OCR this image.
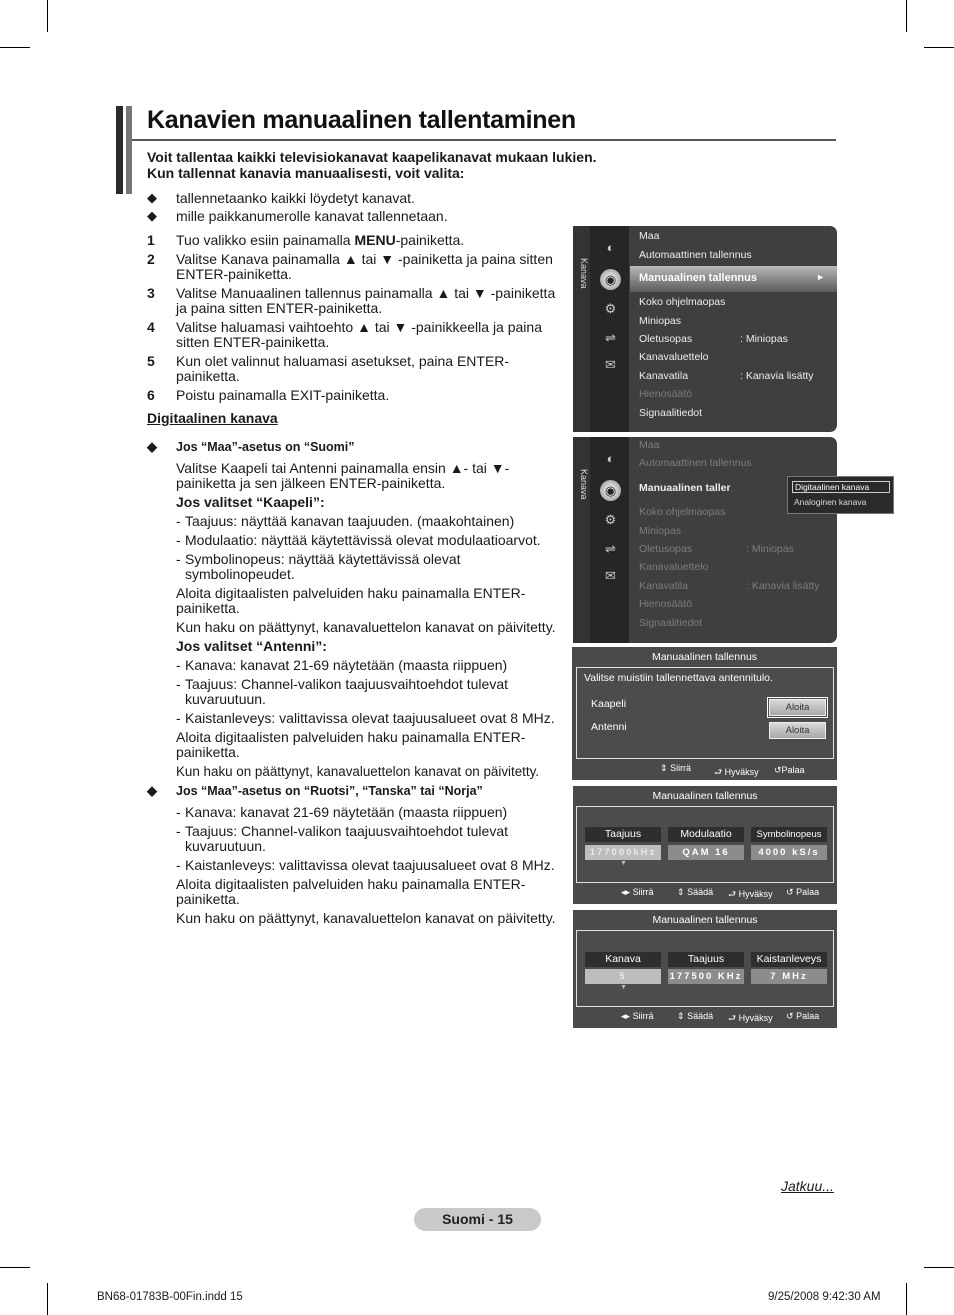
Kanavien manuaalinen tallentaminen
Voit tallentaa kaikki televisiokanavat kaapelikanavat mukaan lukien.
Kun tallennat kanavia manuaalisesti, voit valita:
◆ tallennetaanko kaikki löydetyt kanavat.
◆ mille paikkanumerolle kanavat tallennetaan.
1 Tuo valikko esiin painamalla MENU-painiketta.
2 Valitse Kanava painamalla ▲ tai ▼ -painiketta ja paina sitten ENTER-painiketta.
3 Valitse Manuaalinen tallennus painamalla ▲ tai ▼ -painiketta ja paina sitten ENTER-painiketta.
4 Valitse haluamasi vaihtoehto ▲ tai ▼ -painikkeella ja paina sitten ENTER-painiketta.
5 Kun olet valinnut haluamasi asetukset, paina ENTER-painiketta.
6 Poistu painamalla EXIT-painiketta.
Digitaalinen kanava
◆ Jos “Maa”-asetus on “Suomi”
Valitse Kaapeli tai Antenni painamalla ensin ▲- tai ▼-painiketta ja sen jälkeen ENTER-painiketta.
Jos valitset “Kaapeli”:
- Taajuus: näyttää kanavan taajuuden. (maakohtainen)
- Modulaatio: näyttää käytettävissä olevat modulaatioarvot.
- Symbolinopeus: näyttää käytettävissä olevat symbolinopeudet.
Aloita digitaalisten palveluiden haku painamalla ENTER-painiketta.
Kun haku on päättynyt, kanavaluettelon kanavat on päivitetty.
Jos valitset “Antenni”:
- Kanava: kanavat 21-69 näytetään (maasta riippuen)
- Taajuus: Channel-valikon taajuusvaihtoehdot tulevat kuvaruutuun.
- Kaistanleveys: valittavissa olevat taajuusalueet ovat 8 MHz.
Aloita digitaalisten palveluiden haku painamalla ENTER-painiketta.
Kun haku on päättynyt, kanavaluettelon kanavat on päivitetty.
◆ Jos “Maa”-asetus on “Ruotsi”, “Tanska” tai “Norja”
- Kanava: kanavat 21-69 näytetään (maasta riippuen)
- Taajuus: Channel-valikon taajuusvaihtoehdot tulevat kuvaruutuun.
- Kaistanleveys: valittavissa olevat taajuusalueet ovat 8 MHz.
Aloita digitaalisten palveluiden haku painamalla ENTER-painiketta.
Kun haku on päättynyt, kanavaluettelon kanavat on päivitetty.
Kanava
◐
◉
⚙
⇌
✉
Maa
Automaattinen tallennus
Manuaalinen tallennus	►
Koko ohjelmaopas
Miniopas
Oletusopas	: Miniopas
Kanavaluettelo
Kanavatila	: Kanavia lisätty
Hienosäätö
Signaalitiedot
Kanava
◐
◉
⚙
⇌
✉
Maa
Automaattinen tallennus
Manuaalinen taller
Koko ohjelmaopas
Miniopas
Oletusopas	: Miniopas
Kanavaluettelo
Kanavatila	: Kanavia lisätty
Hienosäätö
Signaalitiedot
Digitaalinen kanava
Analoginen kanava
Manuaalinen tallennus
Valitse muistiin tallennettava antennitulo.
Kaapeli
Antenni
Aloita
Aloita
⇕ Siirrä	⮐ Hyväksy ↺Palaa
Manuaalinen tallennus
Taajuus	Modulaatio	Symbolinopeus
177000kHz	QAM 16	4000 kS/s
▼
◂▸ Siirrä	⇕ Säädä ⮐ Hyväksy ↺ Palaa
Manuaalinen tallennus
Kanava	Taajuus	Kaistanleveys
5	177500 KHz	7 MHz
▼
◂▸ Siirrä	⇕ Säädä ⮐ Hyväksy ↺ Palaa
Jatkuu...
Suomi - 15
BN68-01783B-00Fin.indd 15	9/25/2008 9:42:30 AM
